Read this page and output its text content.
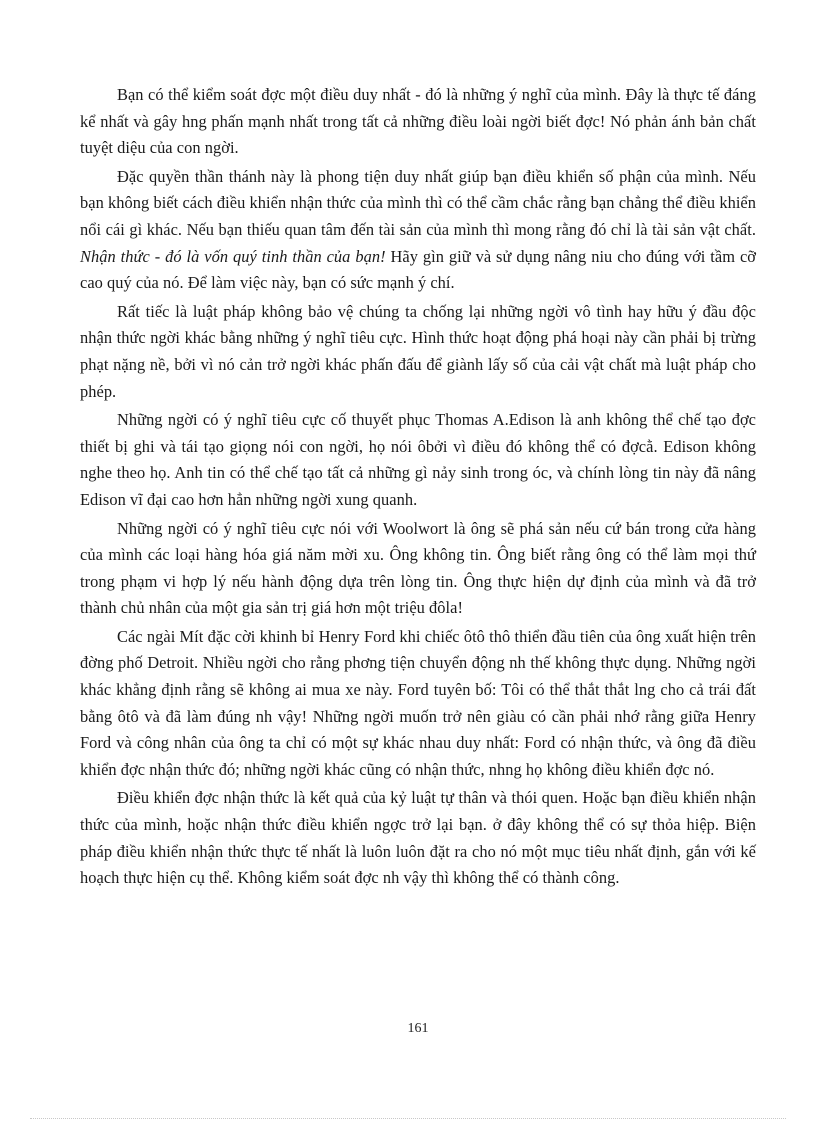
Bạn có thể kiểm soát đợc một điều duy nhất - đó là những ý nghĩ của mình. Đây là thực tế đáng kể nhất và gây hng phấn mạnh nhất trong tất cả những điều loài ngời biết đợc! Nó phản ánh bản chất tuyệt diệu của con ngời.

Đặc quyền thần thánh này là phong tiện duy nhất giúp bạn điều khiển số phận của mình. Nếu bạn không biết cách điều khiển nhận thức của mình thì có thể cầm chắc rằng bạn chẳng thể điều khiển nổi cái gì khác. Nếu bạn thiếu quan tâm đến tài sản của mình thì mong rằng đó chỉ là tài sản vật chất. Nhận thức - đó là vốn quý tinh thần của bạn! Hãy gìn giữ và sử dụng nâng niu cho đúng với tầm cỡ cao quý của nó. Để làm việc này, bạn có sức mạnh ý chí.

Rất tiếc là luật pháp không bảo vệ chúng ta chống lại những ngời vô tình hay hữu ý đầu độc nhận thức ngời khác bằng những ý nghĩ tiêu cực. Hình thức hoạt động phá hoại này cần phải bị trừng phạt nặng nề, bởi vì nó cản trở ngời khác phấn đấu để giành lấy số của cải vật chất mà luật pháp cho phép.

Những ngời có ý nghĩ tiêu cực cố thuyết phục Thomas A.Edison là anh không thể chế tạo đợc thiết bị ghi và tái tạo giọng nói con ngời, họ nói ôbởi vì điều đó không thể có đợcằ. Edison không nghe theo họ. Anh tin có thể chế tạo tất cả những gì nảy sinh trong óc, và chính lòng tin này đã nâng Edison vĩ đại cao hơn hẳn những ngời xung quanh.

Những ngời có ý nghĩ tiêu cực nói với Woolwort là ông sẽ phá sản nếu cứ bán trong cửa hàng của mình các loại hàng hóa giá năm mời xu. Ông không tin. Ông biết rằng ông có thể làm mọi thứ trong phạm vi hợp lý nếu hành động dựa trên lòng tin. Ông thực hiện dự định của mình và đã trở thành chủ nhân của một gia sản trị giá hơn một triệu đôla!

Các ngài Mít đặc cời khinh bỉ Henry Ford khi chiếc ôtô thô thiển đầu tiên của ông xuất hiện trên đờng phố Detroit. Nhiều ngời cho rằng phơng tiện chuyển động nh thế không thực dụng. Những ngời khác khẳng định rằng sẽ không ai mua xe này. Ford tuyên bố: Tôi có thể thắt thắt lng cho cả trái đất bằng ôtô và đã làm đúng nh vậy! Những ngời muốn trở nên giàu có cần phải nhớ rằng giữa Henry Ford và công nhân của ông ta chỉ có một sự khác nhau duy nhất: Ford có nhận thức, và ông đã điều khiển đợc nhận thức đó; những ngời khác cũng có nhận thức, nhng họ không điều khiển đợc nó.

Điều khiển đợc nhận thức là kết quả của kỷ luật tự thân và thói quen. Hoặc bạn điều khiển nhận thức của mình, hoặc nhận thức điều khiển ngợc trở lại bạn. ở đây không thể có sự thỏa hiệp. Biện pháp điều khiển nhận thức thực tế nhất là luôn luôn đặt ra cho nó một mục tiêu nhất định, gắn với kế hoạch thực hiện cụ thể. Không kiểm soát đợc nh vậy thì không thể có thành công.

161
